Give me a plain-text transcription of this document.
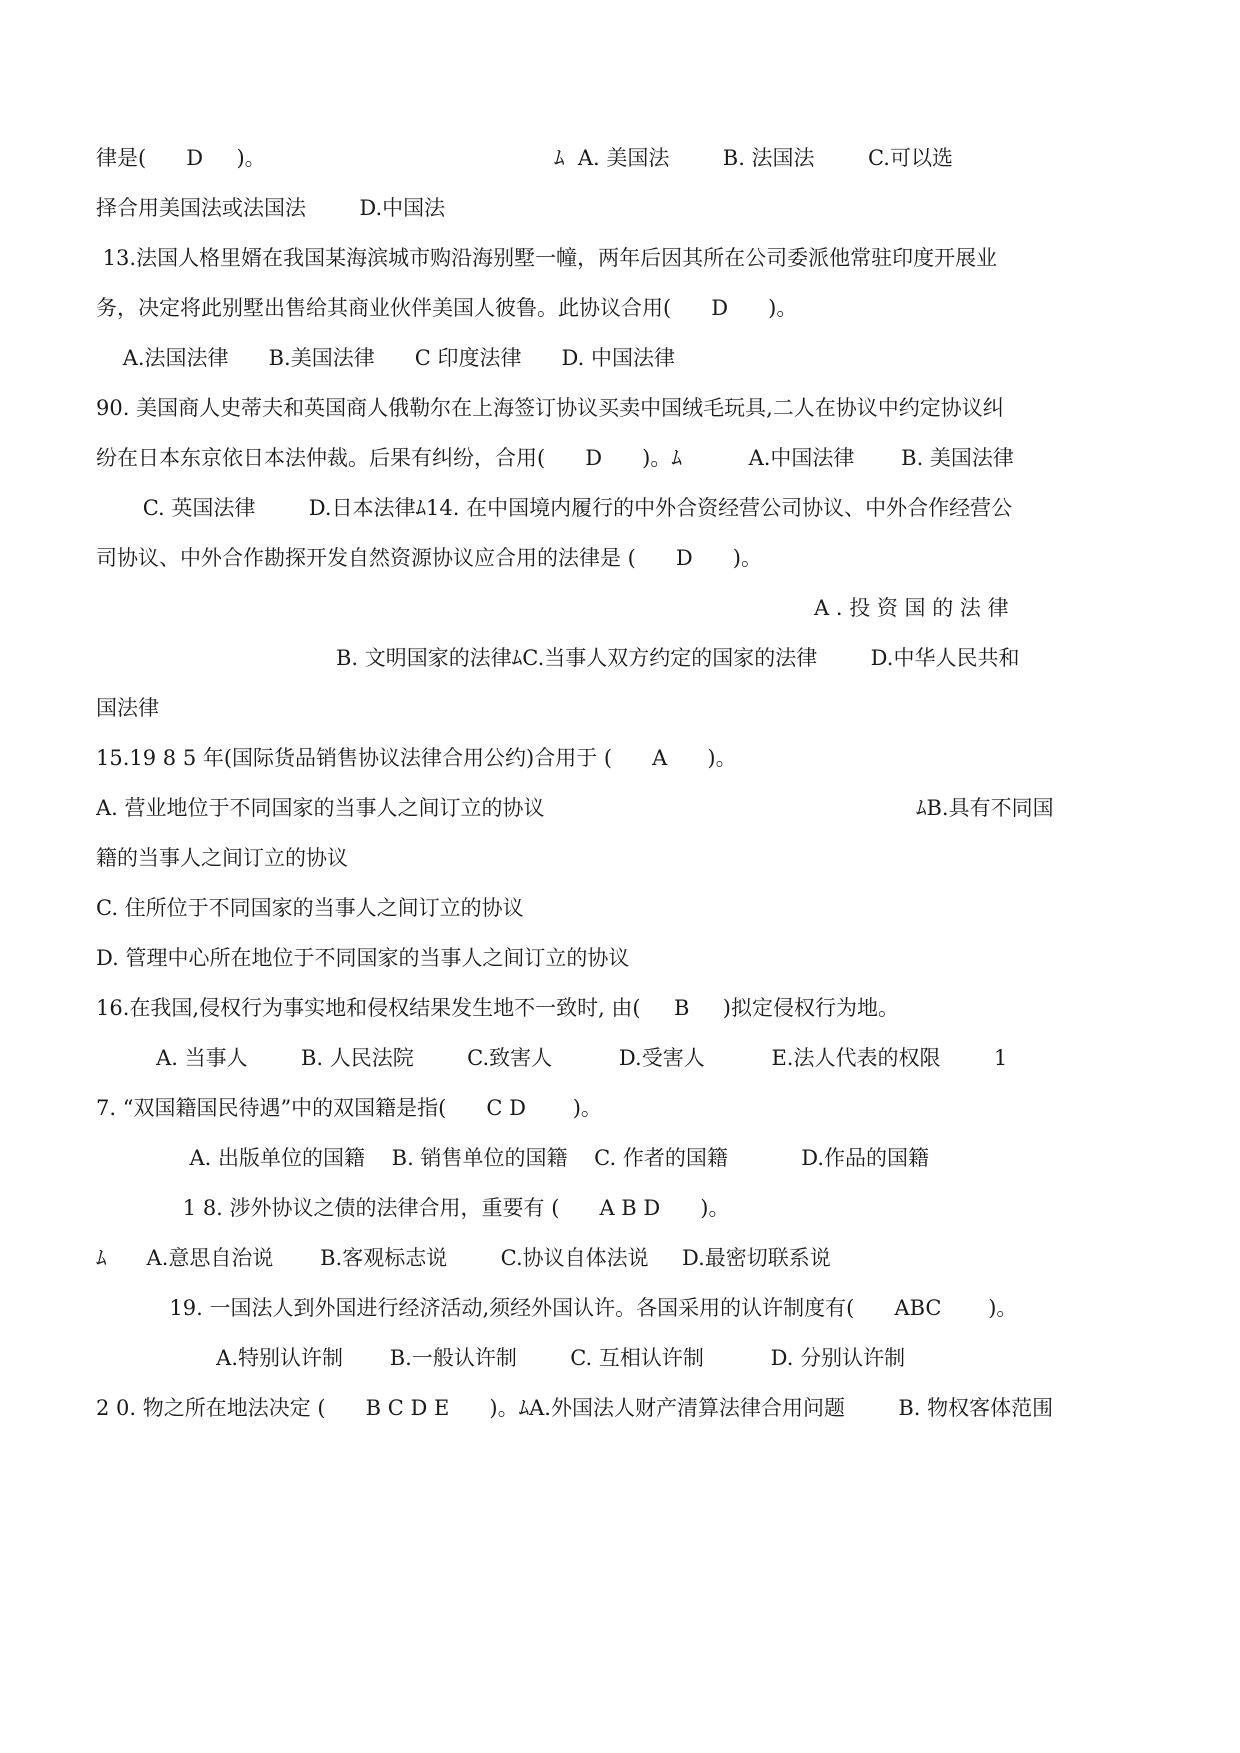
律是(      D     )。

	ﾑ  A. 美国法        B. 法国法        C.可以选

择合用美国法或法国法        D.中国法

13.法国人格里婿在我国某海滨城市购沿海别墅一幢，两年后因其所在公司委派他常驻印度开展业

务，决定将此别墅出售给其商业伙伴美国人彼鲁。此协议合用(      D      )。

A.法国法律      B.美国法律      C 印度法律      D. 中国法律

90. 美国商人史蒂夫和英国商人俄勒尔在上海签订协议买卖中国绒毛玩具,二人在协议中约定协议纠

纷在日本东京依日本法仲裁。后果有纠纷，合用(      D      )。ﾑ          A.中国法律       B. 美国法律

C. 英国法律        D.日本法律ﾑ14. 在中国境内履行的中外合资经营公司协议、中外合作经营公

司协议、中外合作勘探开发自然资源协议应合用的法律是 (      D      )。

A . 投 资 国 的 法 律

B. 文明国家的法律ﾑC.当事人双方约定的国家的法律        D.中华人民共和

国法律

15.19 8 5 年(国际货品销售协议法律合用公约)合用于 (      A      )。

A. 营业地位于不同国家的当事人之间订立的协议

	ﾑB.具有不同国

籍的当事人之间订立的协议

C. 住所位于不同国家的当事人之间订立的协议

D. 管理中心所在地位于不同国家的当事人之间订立的协议

16.在我国,侵权行为事实地和侵权结果发生地不一致时, 由(     B     )拟定侵权行为地。

A. 当事人        B. 人民法院        C.致害人          D.受害人          E.法人代表的权限        1

7. “双国籍国民待遇”中的双国籍是指(      C D       )。

A. 出版单位的国籍    B. 销售单位的国籍    C. 作者的国籍           D.作品的国籍

1 8. 涉外协议之债的法律合用，重要有 (      A B D      )。

ﾑ      A.意思自治说       B.客观标志说        C.协议自体法说     D.最密切联系说

19. 一国法人到外国进行经济活动,须经外国认许。各国采用的认许制度有(      ABC       )。

A.特别认许制       B.一般认许制        C. 互相认许制          D. 分别认许制

2 0. 物之所在地法决定 (      B C D E      )。ﾑA.外国法人财产清算法律合用问题        B. 物权客体范围
